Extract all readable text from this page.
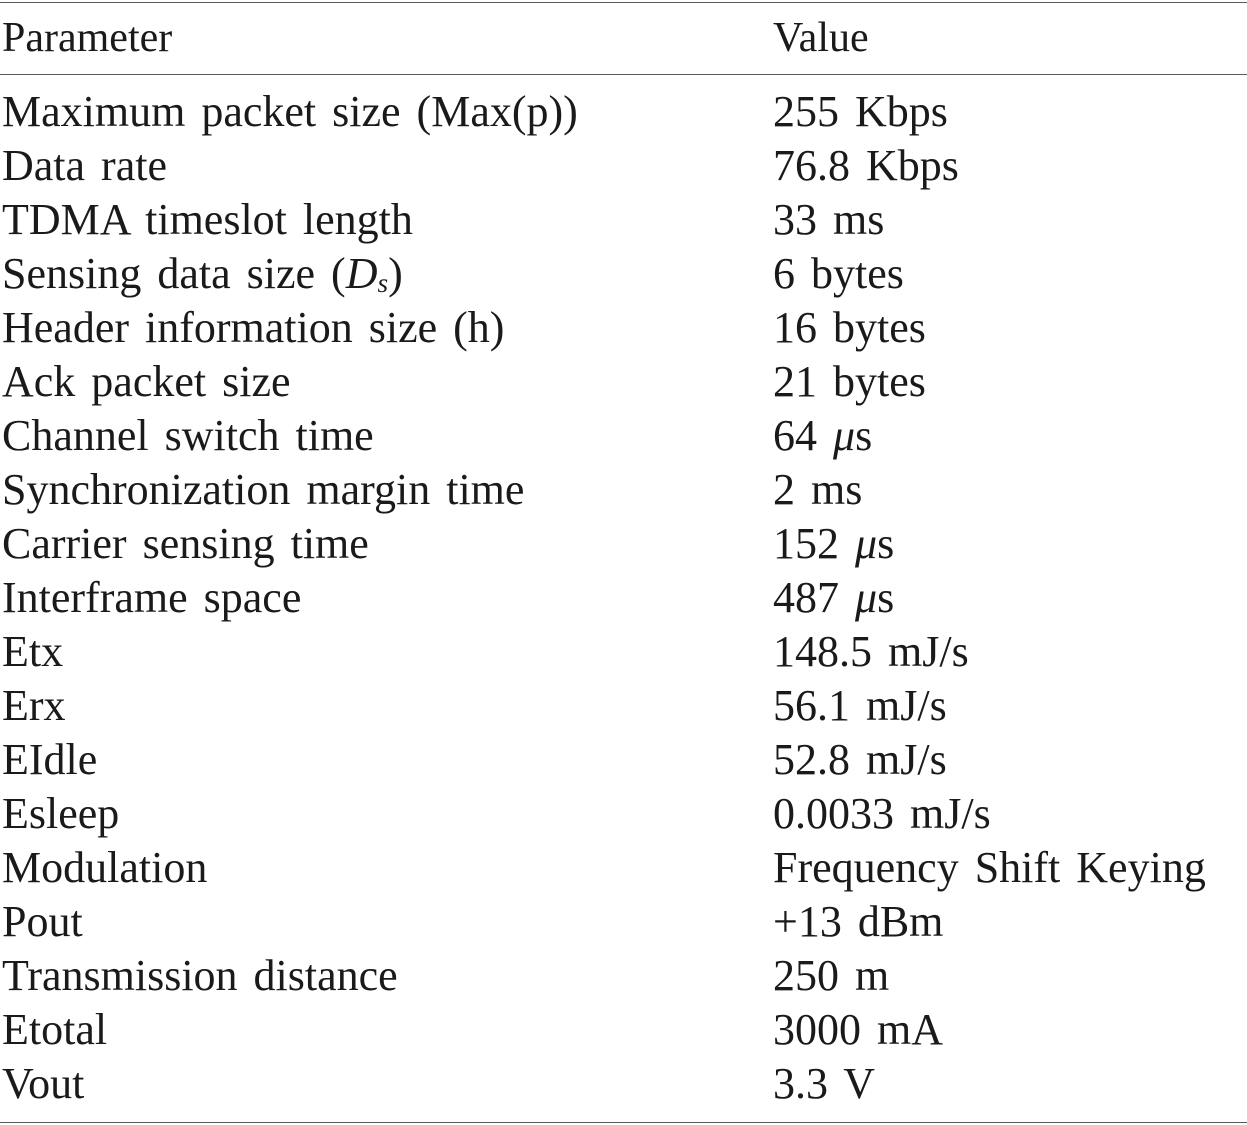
Parameter	Value
Maximum packet size (Max(p))	255 Kbps
Data rate	76.8 Kbps
TDMA timeslot length	33 ms
Sensing data size $(D_s)$	6 bytes
Header information size (h)	16 bytes
Ack packet size	21 bytes
Channel switch time	64 μs
Synchronization margin time	2 ms
Carrier sensing time	152 μs
Interframe space	487 μs
Etx	148.5 mJ/s
Erx	56.1 mJ/s
EIdle	52.8 mJ/s
Esleep	0.0033 mJ/s
Modulation	Frequency Shift Keying
Pout	+13 dBm
Transmission distance	250 m
Etotal	3000 mA
Vout	3.3 V
